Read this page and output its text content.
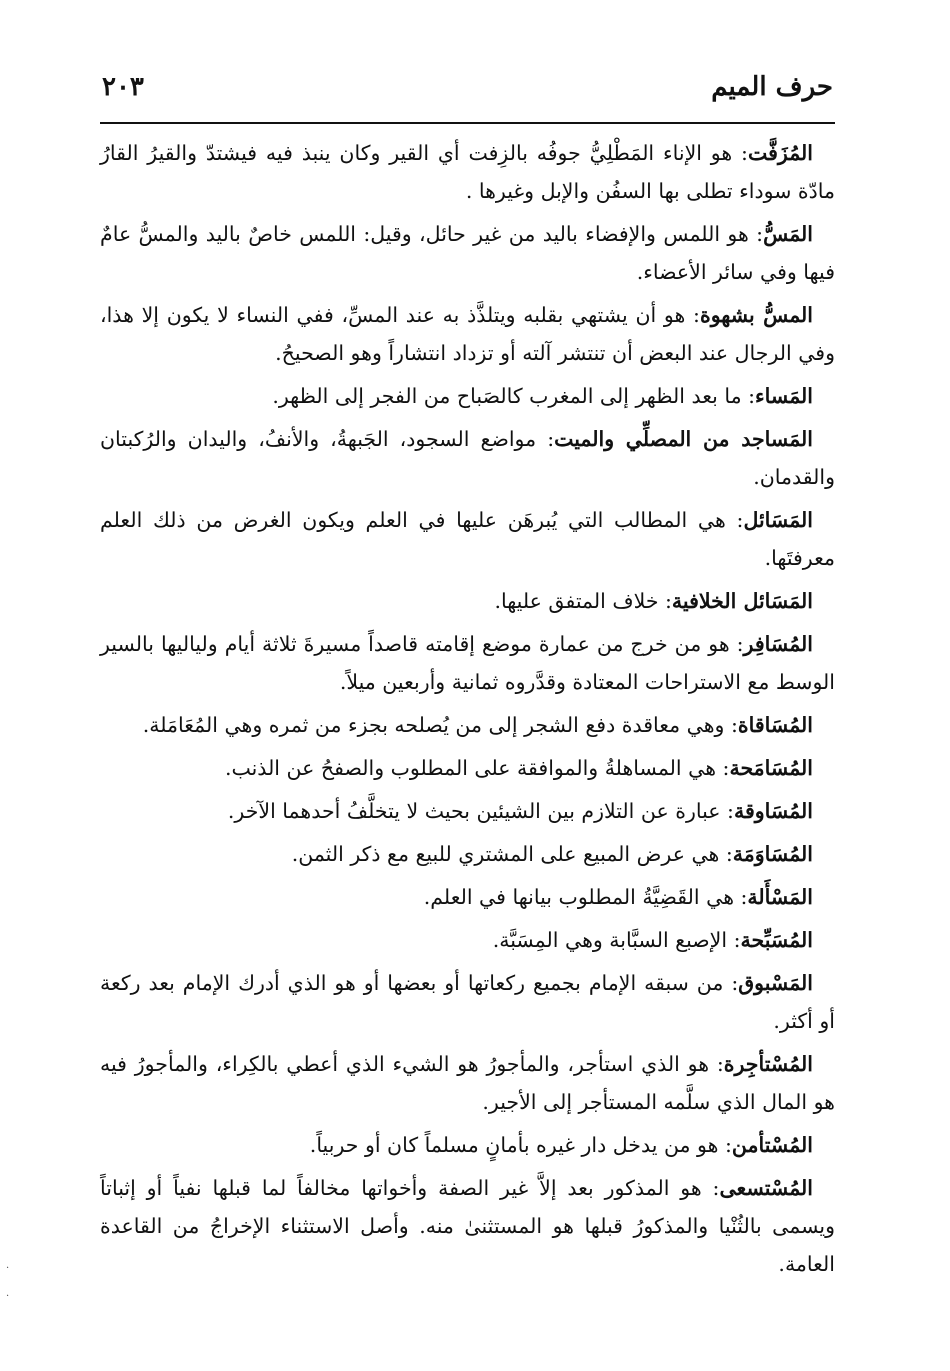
حرف الميم
٢٠٣

المُزَفَّت: هو الإناء المَطْلِيُّ جوفُه بالزِفت أي القير وكان ينبذ فيه فيشتدّ والقيرُ القارُ مادّة سوداء تطلى بها السفُن والإبل وغيرها .

المَسُّ: هو اللمس والإفضاء باليد من غير حائل، وقيل: اللمس خاصٌ باليد والمسُّ عامٌ فيها وفي سائر الأعضاء.

المسُّ بشهوة: هو أن يشتهي بقلبه ويتلذَّذ به عند المسِّ، ففي النساء لا يكون إلا هذا، وفي الرجال عند البعض أن تنتشر آلته أو تزداد انتشاراً وهو الصحيحُ.

المَساء: ما بعد الظهر إلى المغرب كالصَباح من الفجر إلى الظهر.

المَساجد من المصلِّي والميت: مواضع السجود، الجَبهةُ، والأنفُ، واليدان والرُكبتان والقدمان.

المَسَائل: هي المطالب التي يُبرهَن عليها في العلم ويكون الغرض من ذلك العلم معرفتَها.

المَسَائل الخلافية: خلاف المتفق عليها.

المُسَافِر: هو من خرج من عمارة موضع إقامته قاصداً مسيرةَ ثلاثة أيام ولياليها بالسير الوسط مع الاستراحات المعتادة وقدَّروه ثمانية وأربعين ميلاً.

المُسَاقاة: وهي معاقدة دفع الشجر إلى من يُصلحه بجزء من ثمره وهي المُعَامَلة.

المُسَامَحة: هي المساهلةُ والموافقة على المطلوب والصفحُ عن الذنب.

المُسَاوقة: عبارة عن التلازم بين الشيئين بحيث لا يتخلَّفُ أحدهما الآخر.

المُسَاوَمَة: هي عرض المبيع على المشتري للبيع مع ذكر الثمن.

المَسْأَلة: هي القَضِيَّةُ المطلوب بيانها في العلم.

المُسَبِّحة: الإصبع السبَّابة وهي المِسَبَّة.

المَسْبوق: من سبقه الإمام بجميع ركعاتها أو بعضها أو هو الذي أدرك الإمام بعد ركعة أو أكثر.

المُسْتأجِرة: هو الذي استأجر، والمأجورُ هو الشيء الذي أعطي بالكِراء، والمأجورُ فيه هو المال الذي سلَّمه المستأجر إلى الأجير.

المُسْتأمن: هو من يدخل دار غيره بأمانٍ مسلماً كان أو حربياً.

المُسْتسعى: هو المذكور بعد إلاَّ غير الصفة وأخواتها مخالفاً لما قبلها نفياً أو إثباتاً ويسمى بالثُنْيا والمذكورُ قبلها هو المستثنىٰ منه. وأصل الاستثناء الإخراجُ من القاعدة العامة.

·
·
